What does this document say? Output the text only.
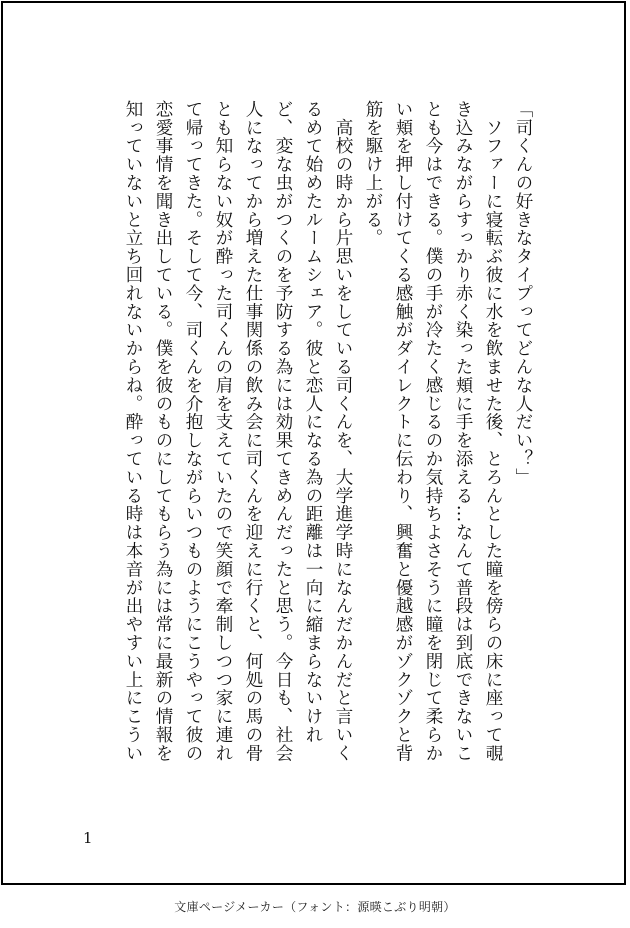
「司くんの好きなタイプってどんな人だい？」

　ソファーに寝転ぶ彼に水を飲ませた後、とろんとした瞳を傍らの床に座って覗き込みながらすっかり赤く染った頬に手を添える…なんて普段は到底できないことも今はできる。僕の手が冷たく感じるのか気持ちよさそうに瞳を閉じて柔らかい頬を押し付けてくる感触がダイレクトに伝わり、興奮と優越感がゾクゾクと背筋を駆け上がる。

　高校の時から片思いをしている司くんを、大学進学時になんだかんだと言いくるめて始めたルームシェア。彼と恋人になる為の距離は一向に縮まらないけれど、変な虫がつくのを予防する為には効果てきめんだったと思う。今日も、社会人になってから増えた仕事関係の飲み会に司くんを迎えに行くと、何処の馬の骨とも知らない奴が酔った司くんの肩を支えていたので笑顔で牽制しつつ家に連れて帰ってきた。そして今、司くんを介抱しながらいつものようにこうやって彼の恋愛事情を聞き出している。僕を彼のものにしてもらう為には常に最新の情報を知っていないと立ち回れないからね。酔っている時は本音が出やすい上にこうい

1
文庫ページメーカー（フォント：源暎こぶり明朝）
